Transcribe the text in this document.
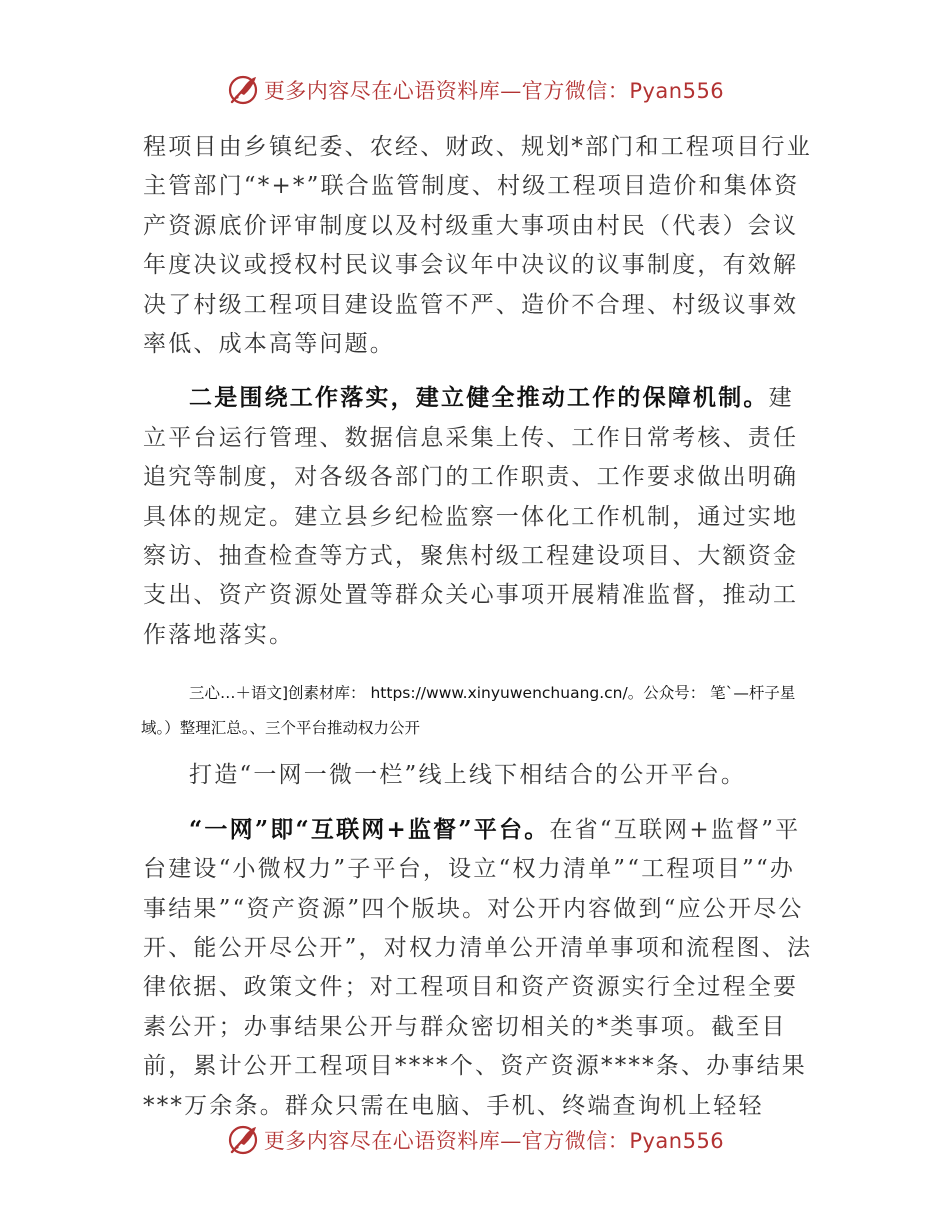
更多内容尽在心语资料库—官方微信：Pyan556

程项目由乡镇纪委、农经、财政、规划*部门和工程项目行业主管部门“*+*”联合监管制度、村级工程项目造价和集体资产资源底价评审制度以及村级重大事项由村民（代表）会议年度决议或授权村民议事会议年中决议的议事制度，有效解决了村级工程项目建设监管不严、造价不合理、村级议事效率低、成本高等问题。

二是围绕工作落实，建立健全推动工作的保障机制。建立平台运行管理、数据信息采集上传、工作日常考核、责任追究等制度，对各级各部门的工作职责、工作要求做出明确具体的规定。建立县乡纪检监察一体化工作机制，通过实地察访、抽查检查等方式，聚焦村级工程建设项目、大额资金支出、资产资源处置等群众关心事项开展精准监督，推动工作落地落实。

三心…＋语文]创素材库： https://www.xinyuwenchuang.cn/。公众号： 笔`—杆子星
域。）整理汇总。、三个平台推动权力公开

打造“一网一微一栏”线上线下相结合的公开平台。

“一网”即“互联网+监督”平台。在省“互联网+监督”平台建设“小微权力”子平台，设立“权力清单”“工程项目”“办事结果”“资产资源”四个版块。对公开内容做到“应公开尽公开、能公开尽公开”，对权力清单公开清单事项和流程图、法律依据、政策文件；对工程项目和资产资源实行全过程全要素公开；办事结果公开与群众密切相关的*类事项。截至目前，累计公开工程项目****个、资产资源****条、办事结果***万余条。群众只需在电脑、手机、终端查询机上轻轻

更多内容尽在心语资料库—官方微信：Pyan556
